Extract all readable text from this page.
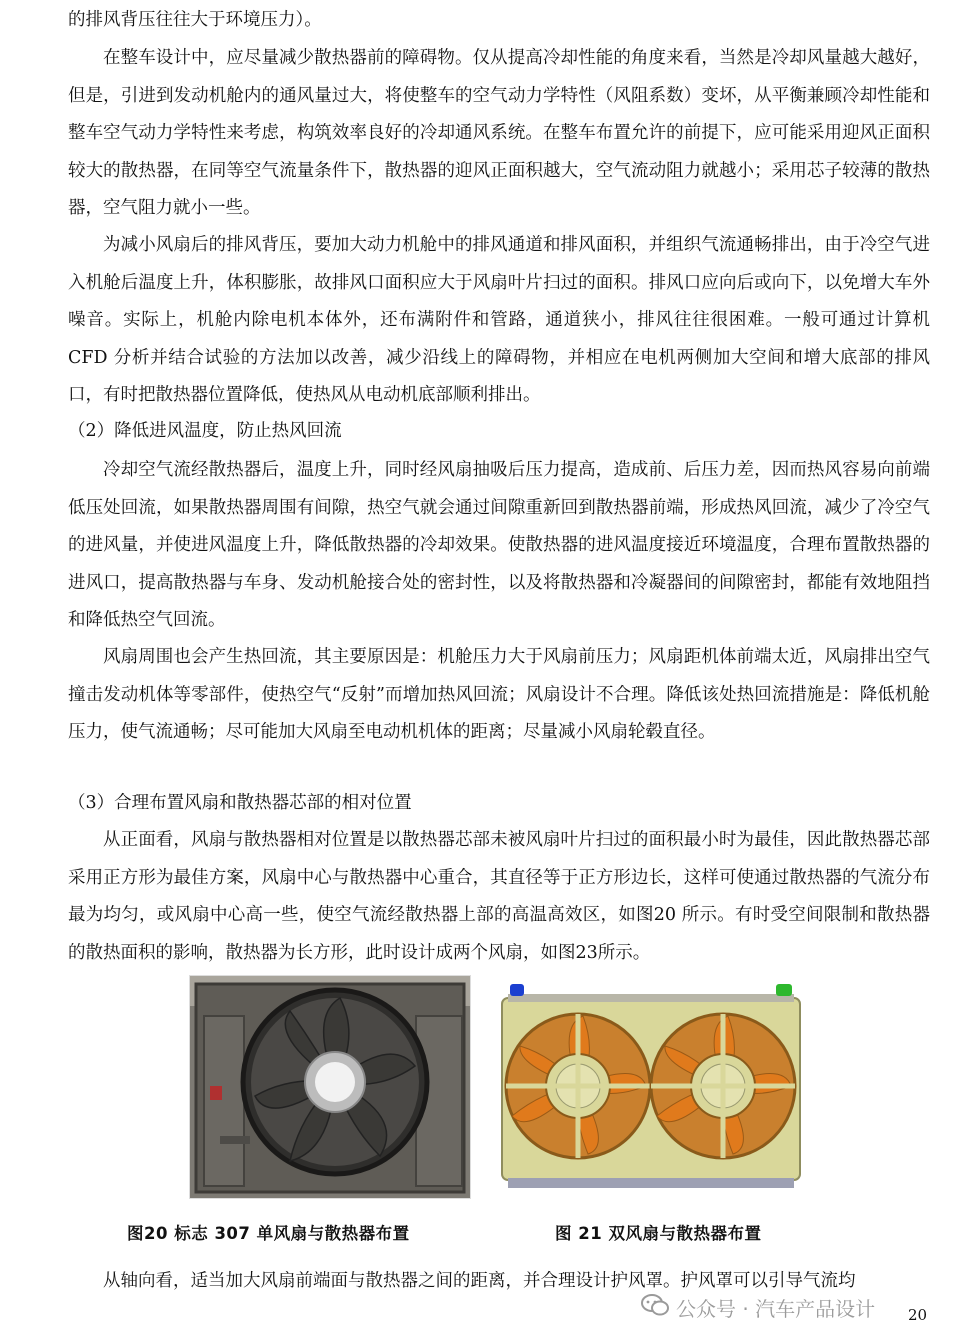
的排风背压往往大于环境压力）。

在整车设计中，应尽量减少散热器前的障碍物。仅从提高冷却性能的角度来看，当然是冷却风量越大越好，但是，引进到发动机舱内的通风量过大，将使整车的空气动力学特性（风阻系数）变坏，从平衡兼顾冷却性能和整车空气动力学特性来考虑，构筑效率良好的冷却通风系统。在整车布置允许的前提下，应可能采用迎风正面积较大的散热器，在同等空气流量条件下，散热器的迎风正面积越大，空气流动阻力就越小；采用芯子较薄的散热器，空气阻力就小一些。

为减小风扇后的排风背压，要加大动力机舱中的排风通道和排风面积，并组织气流通畅排出，由于冷空气进入机舱后温度上升，体积膨胀，故排风口面积应大于风扇叶片扫过的面积。排风口应向后或向下，以免增大车外噪音。实际上，机舱内除电机本体外，还布满附件和管路，通道狭小，排风往往很困难。一般可通过计算机CFD 分析并结合试验的方法加以改善，减少沿线上的障碍物，并相应在电机两侧加大空间和增大底部的排风口，有时把散热器位置降低，使热风从电动机底部顺利排出。

（2）降低进风温度，防止热风回流

冷却空气流经散热器后，温度上升，同时经风扇抽吸后压力提高，造成前、后压力差，因而热风容易向前端低压处回流，如果散热器周围有间隙，热空气就会通过间隙重新回到散热器前端，形成热风回流，减少了冷空气的进风量，并使进风温度上升，降低散热器的冷却效果。使散热器的进风温度接近环境温度，合理布置散热器的进风口，提高散热器与车身、发动机舱接合处的密封性，以及将散热器和冷凝器间的间隙密封，都能有效地阻挡和降低热空气回流。

风扇周围也会产生热回流，其主要原因是：机舱压力大于风扇前压力；风扇距机体前端太近，风扇排出空气撞击发动机体等零部件，使热空气“反射”而增加热风回流；风扇设计不合理。降低该处热回流措施是：降低机舱压力，使气流通畅；尽可能加大风扇至电动机机体的距离；尽量减小风扇轮毂直径。

（3）合理布置风扇和散热器芯部的相对位置

从正面看，风扇与散热器相对位置是以散热器芯部未被风扇叶片扫过的面积最小时为最佳，因此散热器芯部采用正方形为最佳方案，风扇中心与散热器中心重合，其直径等于正方形边长，这样可使通过散热器的气流分布最为均匀，或风扇中心高一些，使空气流经散热器上部的高温高效区，如图20 所示。有时受空间限制和散热器的散热面积的影响，散热器为长方形，此时设计成两个风扇，如图23所示。

图20 标志 307 单风扇与散热器布置	图 21 双风扇与散热器布置

从轴向看，适当加大风扇前端面与散热器之间的距离，并合理设计护风罩。护风罩可以引导气流均

公众号 · 汽车产品设计 20
